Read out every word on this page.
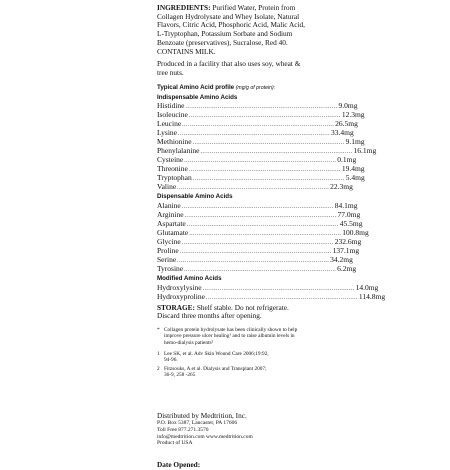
INGREDIENTS: Purified Water, Protein from Collagen Hydrolysate and Whey Isolate, Natural Flavors, Citric Acid, Phosphoric Acid, Malic Acid, L-Tryptophan, Potassium Sorbate and Sodium Benzoate (preservatives), Sucralose, Red 40. CONTAINS MILK.

Produced in a facility that also uses soy, wheat & tree nuts.

Typical Amino Acid profile (mg/g of protein):
Indispensable Amino Acids
Histidine ................................................................................ 9.0mg
Isoleucine ................................................................................ 12.3mg
Leucine ................................................................................ 26.5mg
Lysine ................................................................................ 33.4mg
Methionine ................................................................................ 9.1mg
Phenylalanine ................................................................................ 16.1mg
Cysteine ................................................................................ 0.1mg
Threonine ................................................................................ 19.4mg
Tryptophan ................................................................................ 5.4mg
Valine ................................................................................ 22.3mg
Dispensable Amino Acids
Alanine ................................................................................ 84.1mg
Arginine ................................................................................ 77.0mg
Aspartate ................................................................................ 45.5mg
Glutamate ................................................................................ 100.8mg
Glycine ................................................................................ 232.6mg
Proline ................................................................................ 137.1mg
Serine ................................................................................ 34.2mg
Tyrosine ................................................................................ 6.2mg
Modified Amino Acids
Hydroxylysine ................................................................................ 14.0mg
Hydroxyproline ................................................................................ 114.8mg

STORAGE: Shelf stable. Do not refrigerate. Discard three months after opening.

* Collagen protein hydrolysate has been clinically shown to help improve pressure ulcer healing¹ and to raise albumin levels in hemo-dialysis patients²
1 Lee SK, et al. Adv Skin Wound Care 2006;19:92,
94-96.
2 Fitzsouks, A et al. Dialysis and Transplant 2007;
36-9, 258 -265
Distributed by Medtrition, Inc.
P.O. Box 5387, Lancaster, PA 17606
Toll Free 877.271.3570
info@medtrition.com www.medtrition.com
Product of USA
Date Opened:
